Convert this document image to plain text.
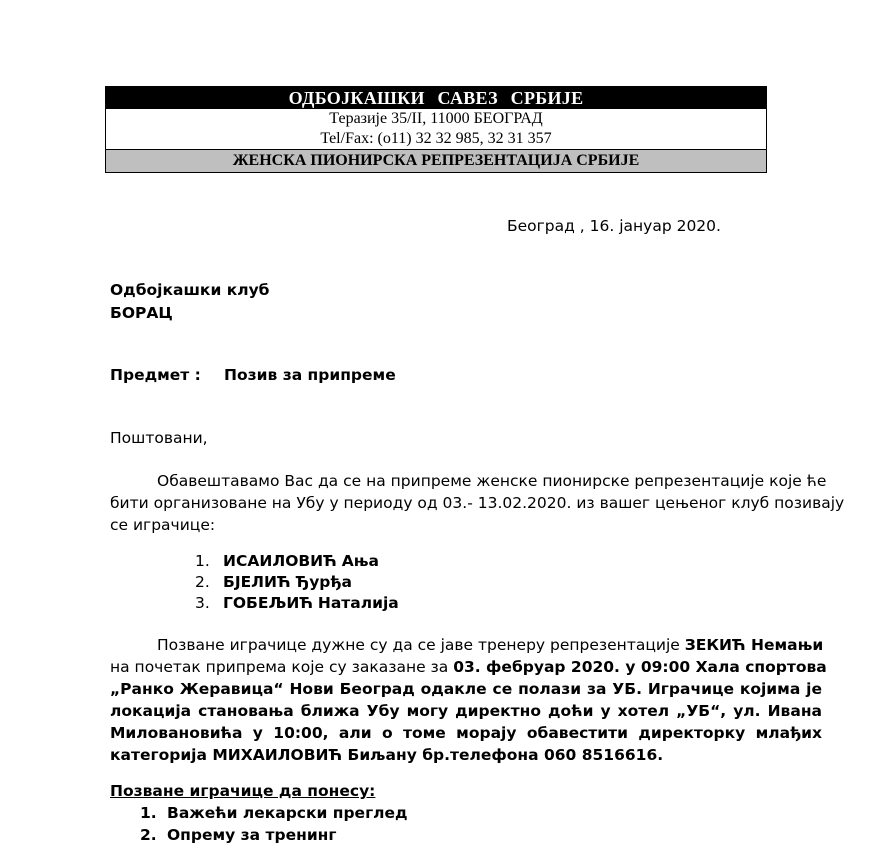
ОДБОЈКАШКИ САВЕЗ СРБИЈЕ
Теразије 35/II, 11000 БЕОГРАД
Tel/Fax: (o11) 32 32 985, 32 31 357
ЖЕНСКА ПИОНИРСКА РЕПРЕЗЕНТАЦИЈА СРБИЈЕ
Београд , 16. јануар 2020.
Одбојкашки клуб
БОРАЦ
Предмет : Позив за припреме
Поштовани,
Обавештавамо Вас да се на припреме женске пионирске репрезентације које ће
бити организоване на Убу у периоду од 03.- 13.02.2020. из вашег цењеног клуб позивају
се играчице:
1. ИСАИЛОВИЋ Ања
2. БЈЕЛИЋ Ђурђа
3. ГОБЕЉИЋ Наталија
Позване играчице дужне су да се јаве тренеру репрезентације ЗЕКИЋ Немањи
на почетак припрема које су заказане за 03. фебруар 2020. у 09:00 Хала спортова
„Ранко Жеравица“ Нови Београд одакле се полази за УБ. Играчице којима је
локација становања ближа Убу могу директно доћи у хотел „УБ“, ул. Ивана
Миловановића у 10:00, али о томе морају обавестити директорку млађих
категорија МИХАИЛОВИЋ Биљану бр.телефона 060 8516616.
Позване играчице да понесу:
1. Важећи лекарски преглед
2. Опрему за тренинг
